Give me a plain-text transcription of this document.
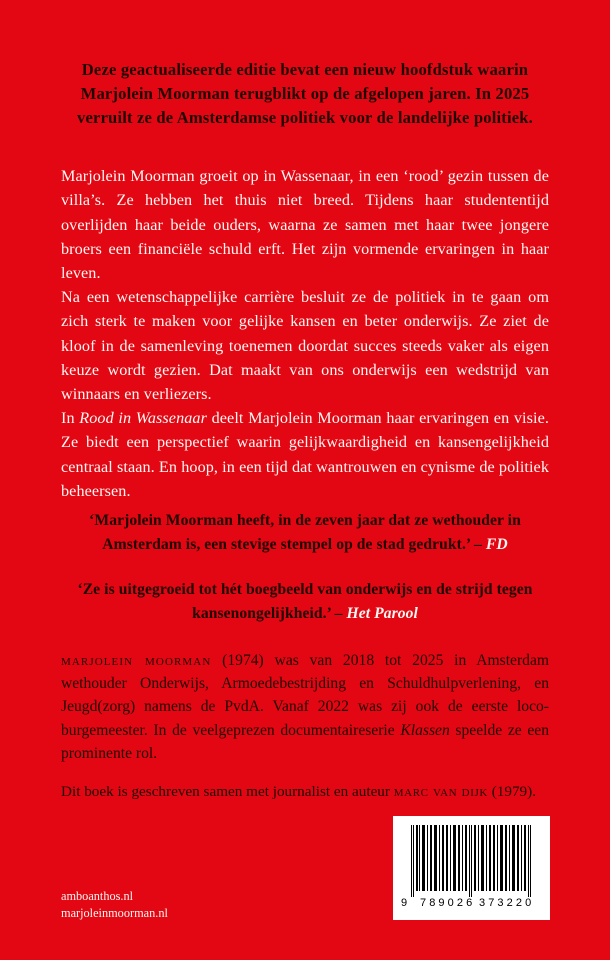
Deze geactualiseerde editie bevat een nieuw hoofdstuk waarin Marjolein Moorman terugblikt op de afgelopen jaren. In 2025 verruilt ze de Amsterdamse politiek voor de landelijke politiek.

Marjolein Moorman groeit op in Wassenaar, in een ‘rood’ gezin tussen de villa’s. Ze hebben het thuis niet breed. Tijdens haar studententijd overlijden haar beide ouders, waarna ze samen met haar twee jongere broers een financiële schuld erft. Het zijn vormende ervaringen in haar leven.

Na een wetenschappelijke carrière besluit ze de politiek in te gaan om zich sterk te maken voor gelijke kansen en beter onderwijs. Ze ziet de kloof in de samenleving toenemen doordat succes steeds vaker als eigen keuze wordt gezien. Dat maakt van ons onderwijs een wedstrijd van winnaars en verliezers.

In Rood in Wassenaar deelt Marjolein Moorman haar ervaringen en visie. Ze biedt een perspectief waarin gelijkwaardigheid en kansengelijkheid centraal staan. En hoop, in een tijd dat wantrouwen en cynisme de politiek beheersen.

‘Marjolein Moorman heeft, in de zeven jaar dat ze wethouder in Amsterdam is, een stevige stempel op de stad gedrukt.’ – FD
‘Ze is uitgegroeid tot hét boegbeeld van onderwijs en de strijd tegen kansenongelijkheid.’ – Het Parool

marjolein moorman (1974) was van 2018 tot 2025 in Amsterdam wethouder Onderwijs, Armoedebestrijding en Schuldhulpverlening, en Jeugd(zorg) namens de PvdA. Vanaf 2022 was zij ook de eerste loco-burgemeester. In de veelgeprezen documentaireserie Klassen speelde ze een prominente rol.

Dit boek is geschreven samen met journalist en auteur marc van dijk (1979).

amboanthos.nl
marjoleinmoorman.nl
9 789026 373220
